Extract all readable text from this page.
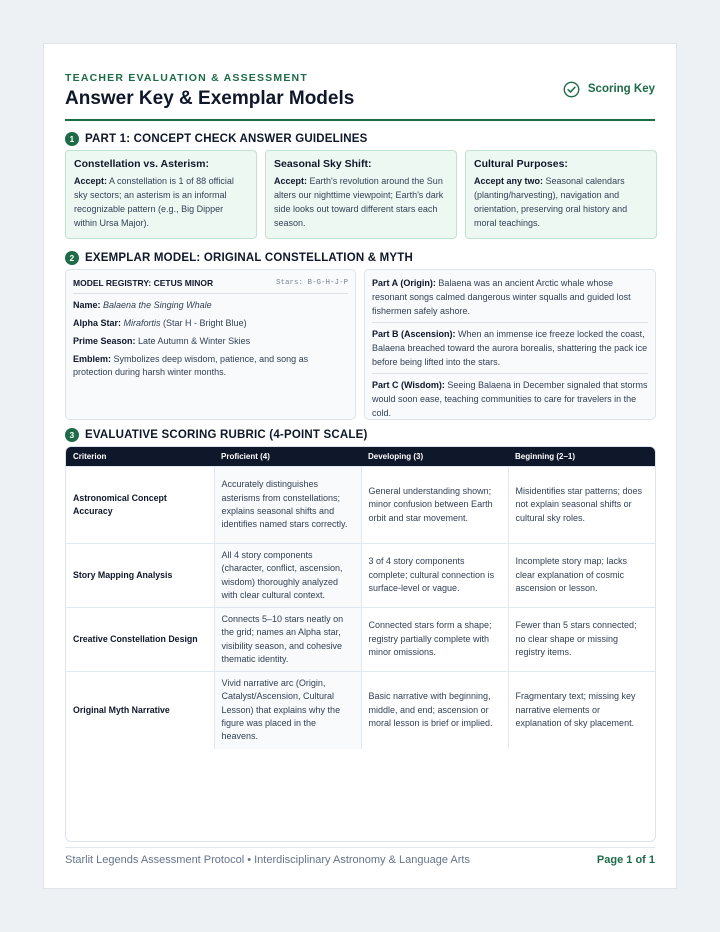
TEACHER EVALUATION & ASSESSMENT
Answer Key & Exemplar Models	Scoring Key
1 PART 1: CONCEPT CHECK ANSWER GUIDELINES
Constellation vs. Asterism:
Accept: A constellation is 1 of 88 official sky sectors; an asterism is an informal recognizable pattern (e.g., Big Dipper within Ursa Major).
Seasonal Sky Shift:
Accept: Earth's revolution around the Sun alters our nighttime viewpoint; Earth's dark side looks out toward different stars each season.
Cultural Purposes:
Accept any two: Seasonal calendars (planting/harvesting), navigation and orientation, preserving oral history and moral teachings.
2 EXEMPLAR MODEL: ORIGINAL CONSTELLATION & MYTH
MODEL REGISTRY: CETUS MINOR	Stars: B-G-H-J-P
Name: Balaena the Singing Whale
Alpha Star: Mirafortis (Star H - Bright Blue)
Prime Season: Late Autumn & Winter Skies
Emblem: Symbolizes deep wisdom, patience, and song as protection during harsh winter months.
Part A (Origin): Balaena was an ancient Arctic whale whose resonant songs calmed dangerous winter squalls and guided lost fishermen safely ashore.
Part B (Ascension): When an immense ice freeze locked the coast, Balaena breached toward the aurora borealis, shattering the pack ice before being lifted into the stars.
Part C (Wisdom): Seeing Balaena in December signaled that storms would soon ease, teaching communities to care for travelers in the cold.
3 EVALUATIVE SCORING RUBRIC (4-POINT SCALE)
Criterion	Proficient (4)	Developing (3)	Beginning (2–1)
Astronomical Concept Accuracy	Accurately distinguishes asterisms from constellations; explains seasonal shifts and identifies named stars correctly.	General understanding shown; minor confusion between Earth orbit and star movement.	Misidentifies star patterns; does not explain seasonal shifts or cultural sky roles.
Story Mapping Analysis	All 4 story components (character, conflict, ascension, wisdom) thoroughly analyzed with clear cultural context.	3 of 4 story components complete; cultural connection is surface-level or vague.	Incomplete story map; lacks clear explanation of cosmic ascension or lesson.
Creative Constellation Design	Connects 5–10 stars neatly on the grid; names an Alpha star, visibility season, and cohesive thematic identity.	Connected stars form a shape; registry partially complete with minor omissions.	Fewer than 5 stars connected; no clear shape or missing registry items.
Original Myth Narrative	Vivid narrative arc (Origin, Catalyst/Ascension, Cultural Lesson) that explains why the figure was placed in the heavens.	Basic narrative with beginning, middle, and end; ascension or moral lesson is brief or implied.	Fragmentary text; missing key narrative elements or explanation of sky placement.
Starlit Legends Assessment Protocol • Interdisciplinary Astronomy & Language Arts	Page 1 of 1
